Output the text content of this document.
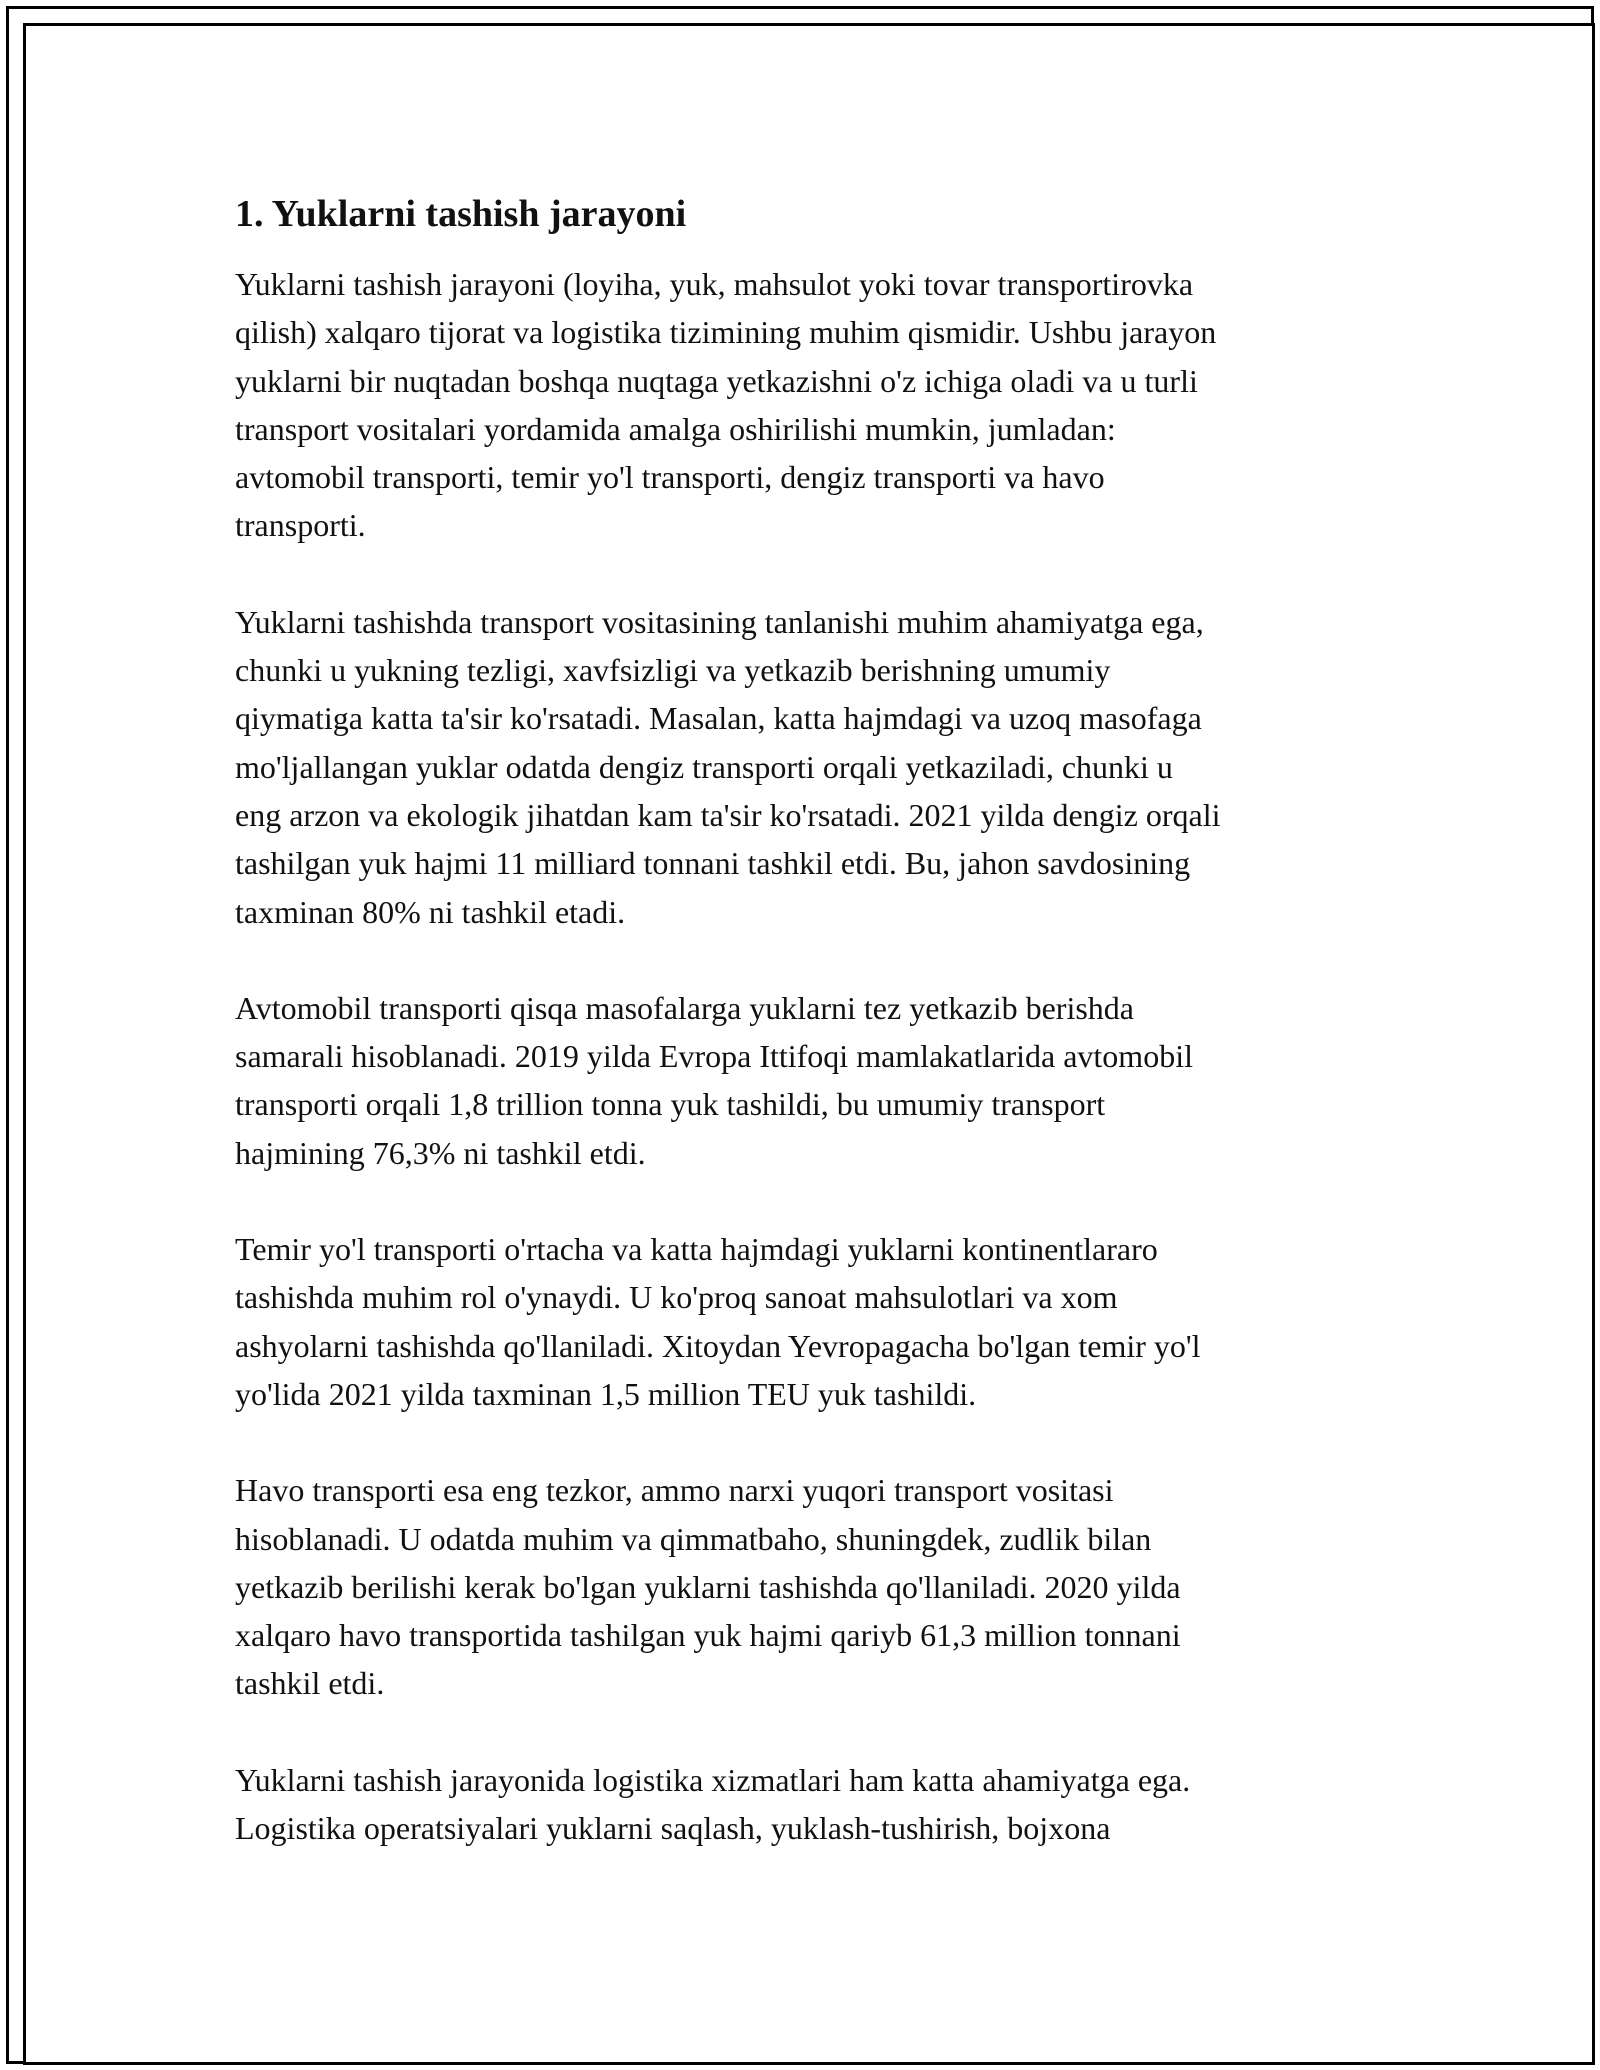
1. Yuklarni tashish jarayoni

Yuklarni tashish jarayoni (loyiha, yuk, mahsulot yoki tovar transportirovka
qilish) xalqaro tijorat va logistika tizimining muhim qismidir. Ushbu jarayon
yuklarni bir nuqtadan boshqa nuqtaga yetkazishni o'z ichiga oladi va u turli
transport vositalari yordamida amalga oshirilishi mumkin, jumladan:
avtomobil transporti, temir yo'l transporti, dengiz transporti va havo
transporti.

Yuklarni tashishda transport vositasining tanlanishi muhim ahamiyatga ega,
chunki u yukning tezligi, xavfsizligi va yetkazib berishning umumiy
qiymatiga katta ta'sir ko'rsatadi. Masalan, katta hajmdagi va uzoq masofaga
mo'ljallangan yuklar odatda dengiz transporti orqali yetkaziladi, chunki u
eng arzon va ekologik jihatdan kam ta'sir ko'rsatadi. 2021 yilda dengiz orqali
tashilgan yuk hajmi 11 milliard tonnani tashkil etdi. Bu, jahon savdosining
taxminan 80% ni tashkil etadi.

Avtomobil transporti qisqa masofalarga yuklarni tez yetkazib berishda
samarali hisoblanadi. 2019 yilda Evropa Ittifoqi mamlakatlarida avtomobil
transporti orqali 1,8 trillion tonna yuk tashildi, bu umumiy transport
hajmining 76,3% ni tashkil etdi.

Temir yo'l transporti o'rtacha va katta hajmdagi yuklarni kontinentlararo
tashishda muhim rol o'ynaydi. U ko'proq sanoat mahsulotlari va xom
ashyolarni tashishda qo'llaniladi. Xitoydan Yevropagacha bo'lgan temir yo'l
yo'lida 2021 yilda taxminan 1,5 million TEU yuk tashildi.

Havo transporti esa eng tezkor, ammo narxi yuqori transport vositasi
hisoblanadi. U odatda muhim va qimmatbaho, shuningdek, zudlik bilan
yetkazib berilishi kerak bo'lgan yuklarni tashishda qo'llaniladi. 2020 yilda
xalqaro havo transportida tashilgan yuk hajmi qariyb 61,3 million tonnani
tashkil etdi.

Yuklarni tashish jarayonida logistika xizmatlari ham katta ahamiyatga ega.
Logistika operatsiyalari yuklarni saqlash, yuklash-tushirish, bojxona
